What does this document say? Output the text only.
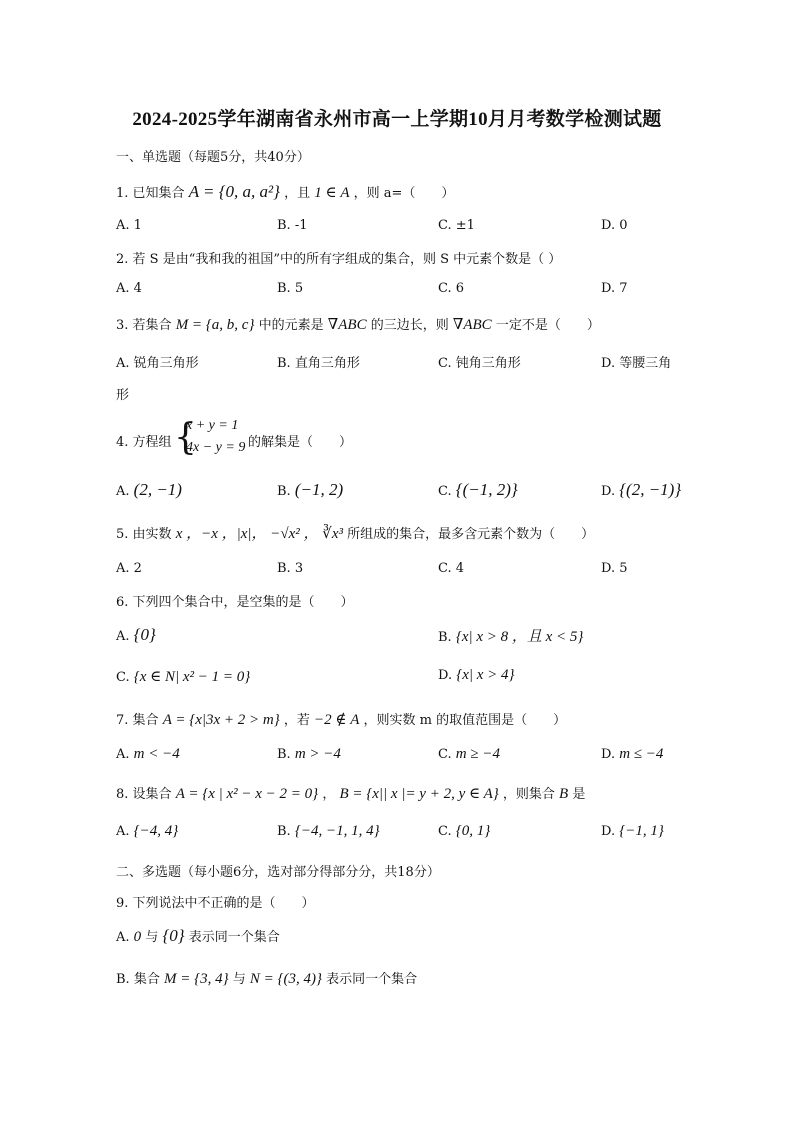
2024-2025学年湖南省永州市高一上学期10月月考数学检测试题
一、单选题（每题5分，共40分）
1. 已知集合 A = {0, a, a²} ，且 1 ∈ A ，则 a=（　　）
A. 1	B. -1	C. ±1	D. 0
2. 若 S 是由“我和我的祖国”中的所有字组成的集合，则 S 中元素个数是（ ）
A. 4	B. 5	C. 6	D. 7
3. 若集合 M = {a, b, c} 中的元素是 ∇ABC 的三边长，则 ∇ABC 一定不是（　　）
A. 锐角三角形	B. 直角三角形	C. 钝角三角形	D. 等腰三角
形
4. 方程组 {
x + y = 1
4x − y = 9 的解集是（　　）
A. (2, −1)	B. (−1, 2)	C. {(−1, 2)}	D. {(2, −1)}
5. 由实数 x ，−x ，|x|， −√x² ， ∛x³ 所组成的集合，最多含元素个数为（　　）
A. 2	B. 3	C. 4	D. 5
6. 下列四个集合中，是空集的是（　　）
A. {0}	B. {x| x > 8 ，且 x < 5}
C. {x ∈ N| x² − 1 = 0}	D. {x| x > 4}
7. 集合 A = {x|3x + 2 > m} ，若 −2 ∉ A ，则实数 m 的取值范围是（　　）
A. m < −4	B. m > −4	C. m ≥ −4	D. m ≤ −4
8. 设集合 A = {x | x² − x − 2 = 0} ， B = {x|| x |= y + 2, y ∈ A} ，则集合 B 是
A. {−4, 4}	B. {−4, −1, 1, 4}	C. {0, 1}	D. {−1, 1}
二、多选题（每小题6分，选对部分得部分分，共18分）
9. 下列说法中不正确的是（　　）
A. 0 与 {0} 表示同一个集合
B. 集合 M = {3, 4} 与 N = {(3, 4)} 表示同一个集合
